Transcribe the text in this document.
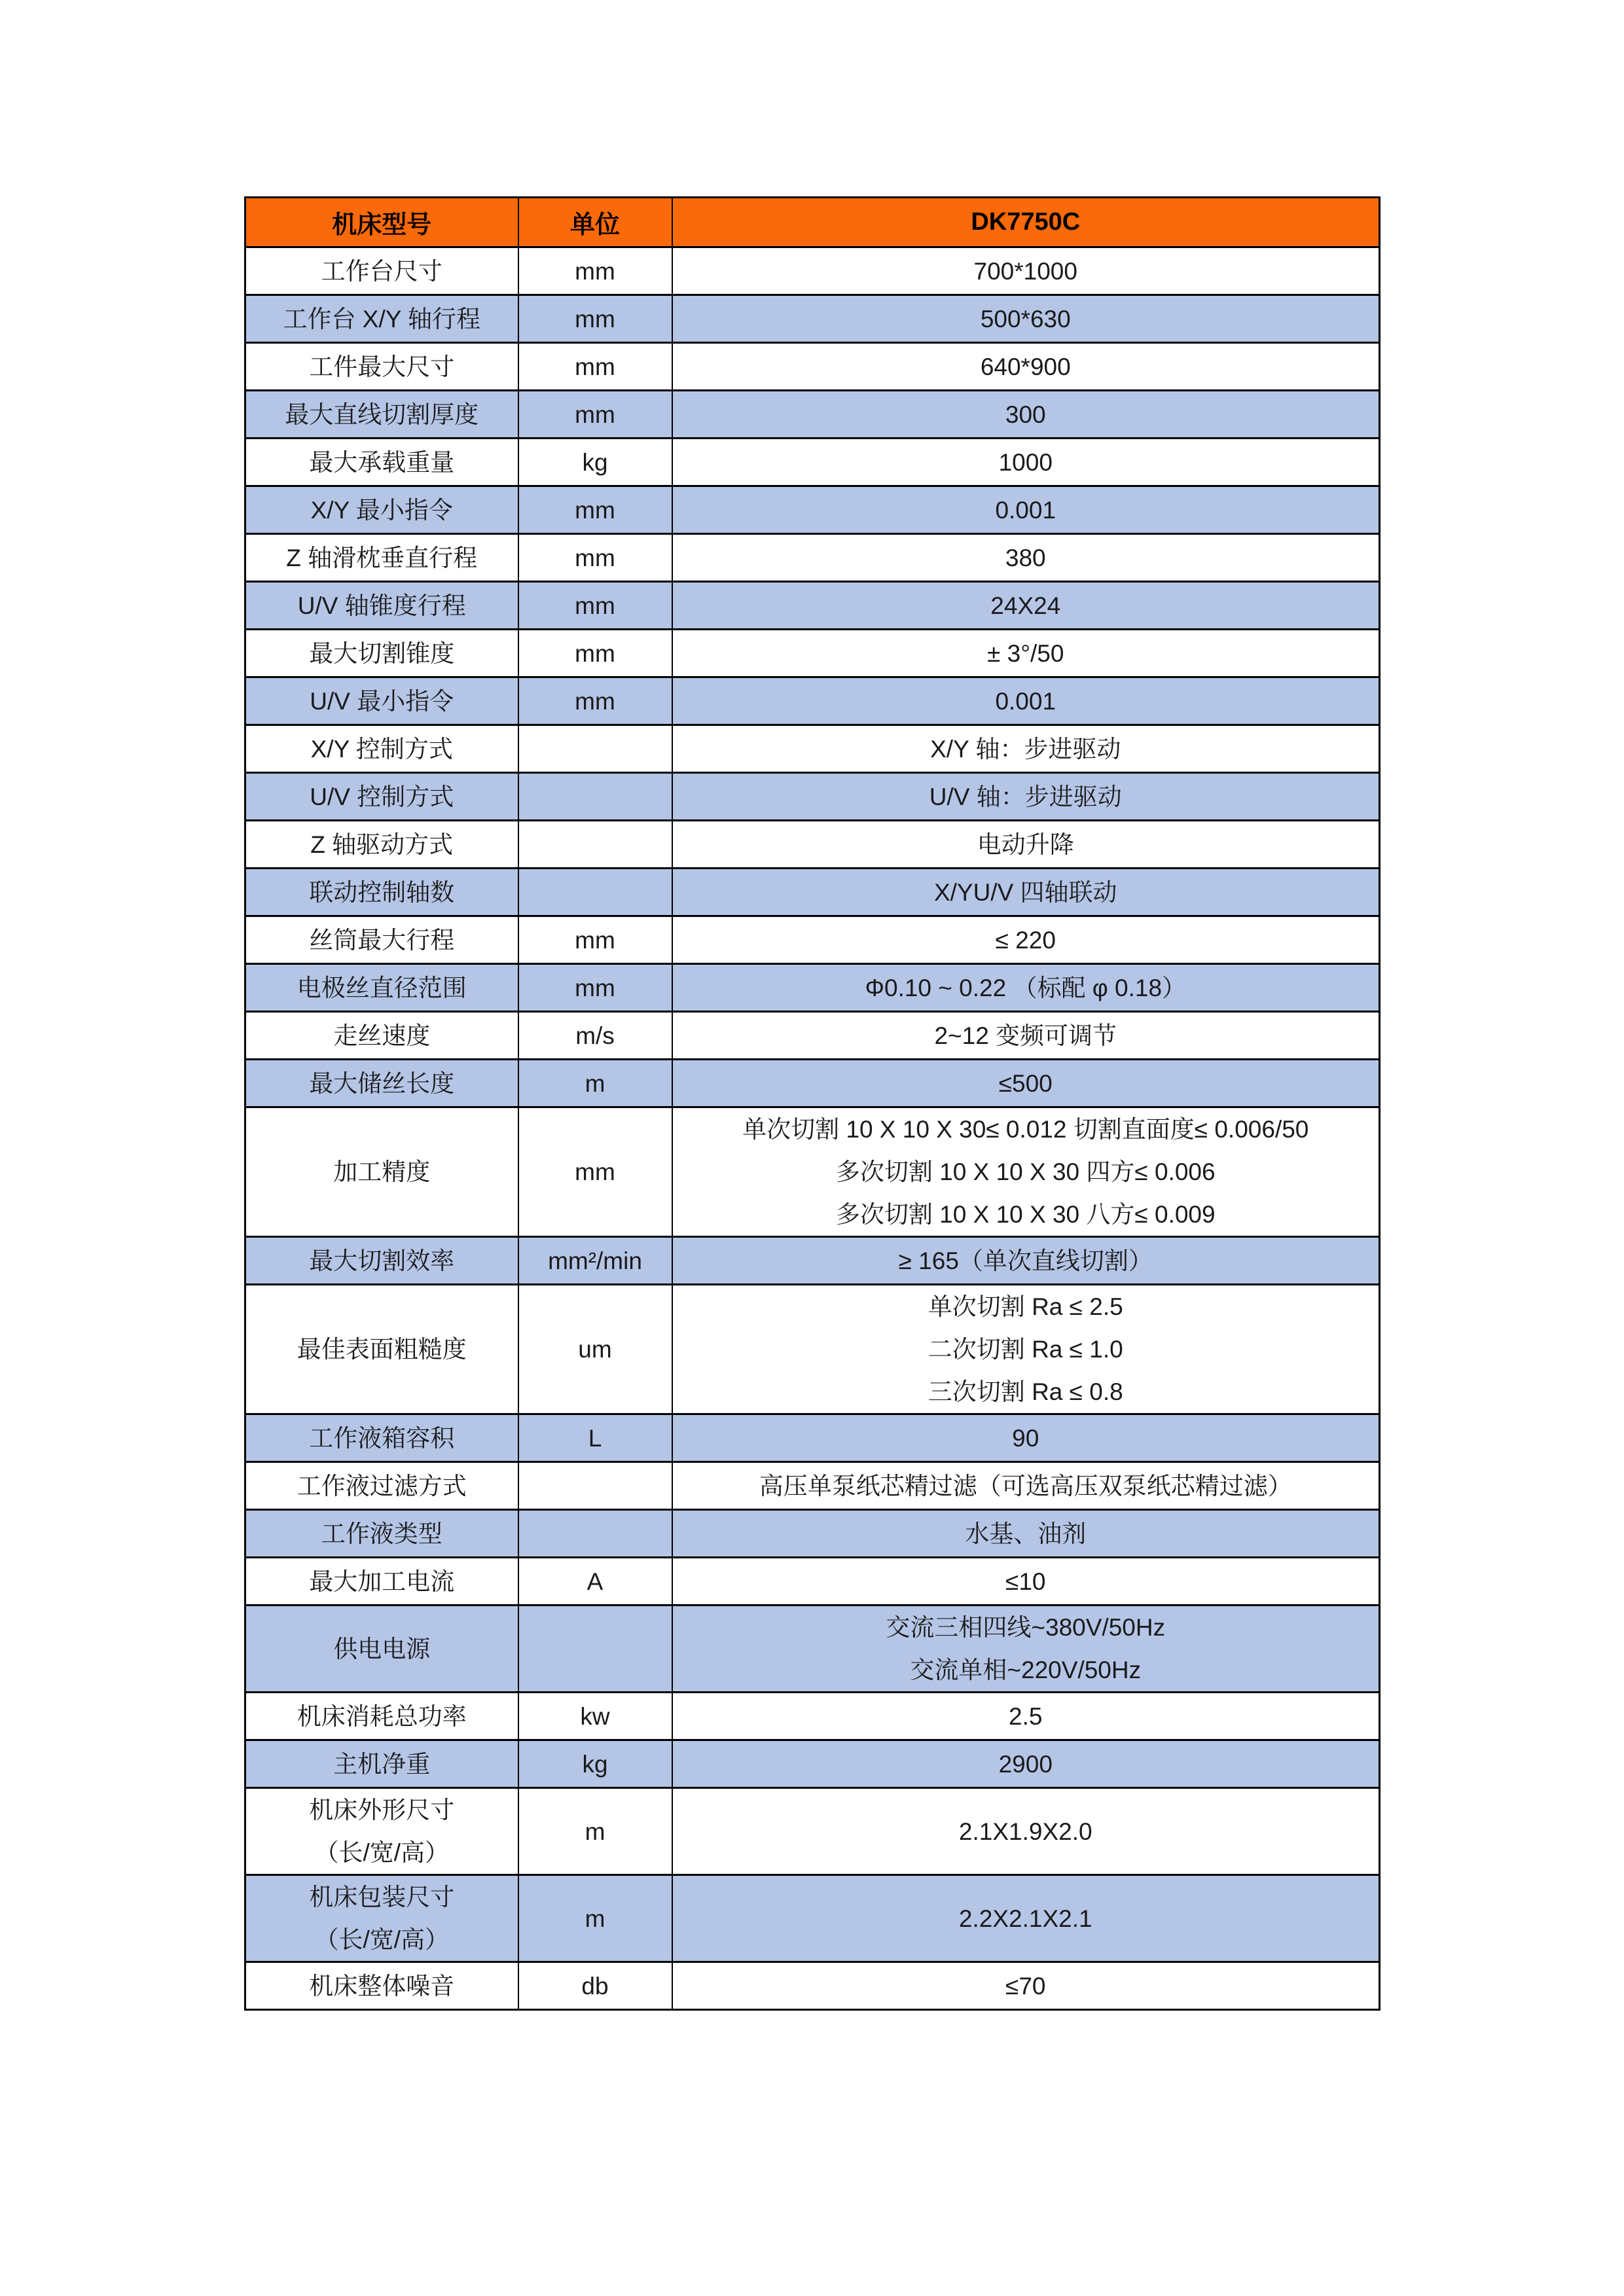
机床型号	单位	DK7750C

工作台尺寸	mm	700*1000

工作台 X/Y 轴行程	mm	500*630

工件最大尺寸	mm	640*900

最大直线切割厚度	mm	300

最大承载重量	kg	1000

X/Y 最小指令	mm	0.001

Z 轴滑枕垂直行程	mm	380

U/V 轴锥度行程	mm	24X24

最大切割锥度	mm	± 3°/50

U/V 最小指令	mm	0.001

X/Y 控制方式		X/Y 轴：步进驱动

U/V 控制方式		U/V 轴：步进驱动

Z 轴驱动方式		电动升降

联动控制轴数		X/YU/V 四轴联动

丝筒最大行程	mm	≤ 220

电极丝直径范围	mm	Φ0.10 ~ 0.22 （标配 φ 0.18）

走丝速度	m/s	2~12 变频可调节

最大储丝长度	m	≤500

加工精度	mm	单次切割 10 X 10 X 30≤ 0.012 切割直面度≤ 0.006/50
多次切割 10 X 10 X 30 四方≤ 0.006
多次切割 10 X 10 X 30 八方≤ 0.009

最大切割效率	mm²/min	≥ 165（单次直线切割）

最佳表面粗糙度	um	单次切割 Ra ≤ 2.5
二次切割 Ra ≤ 1.0
三次切割 Ra ≤ 0.8

工作液箱容积	L	90

工作液过滤方式		高压单泵纸芯精过滤（可选高压双泵纸芯精过滤）

工作液类型		水基、油剂

最大加工电流	A	≤10

供电电源		交流三相四线~380V/50Hz
交流单相~220V/50Hz

机床消耗总功率	kw	2.5

主机净重	kg	2900

机床外形尺寸
（长/宽/高）	m	2.1X1.9X2.0

机床包装尺寸
（长/宽/高）	m	2.2X2.1X2.1

机床整体噪音	db	≤70
